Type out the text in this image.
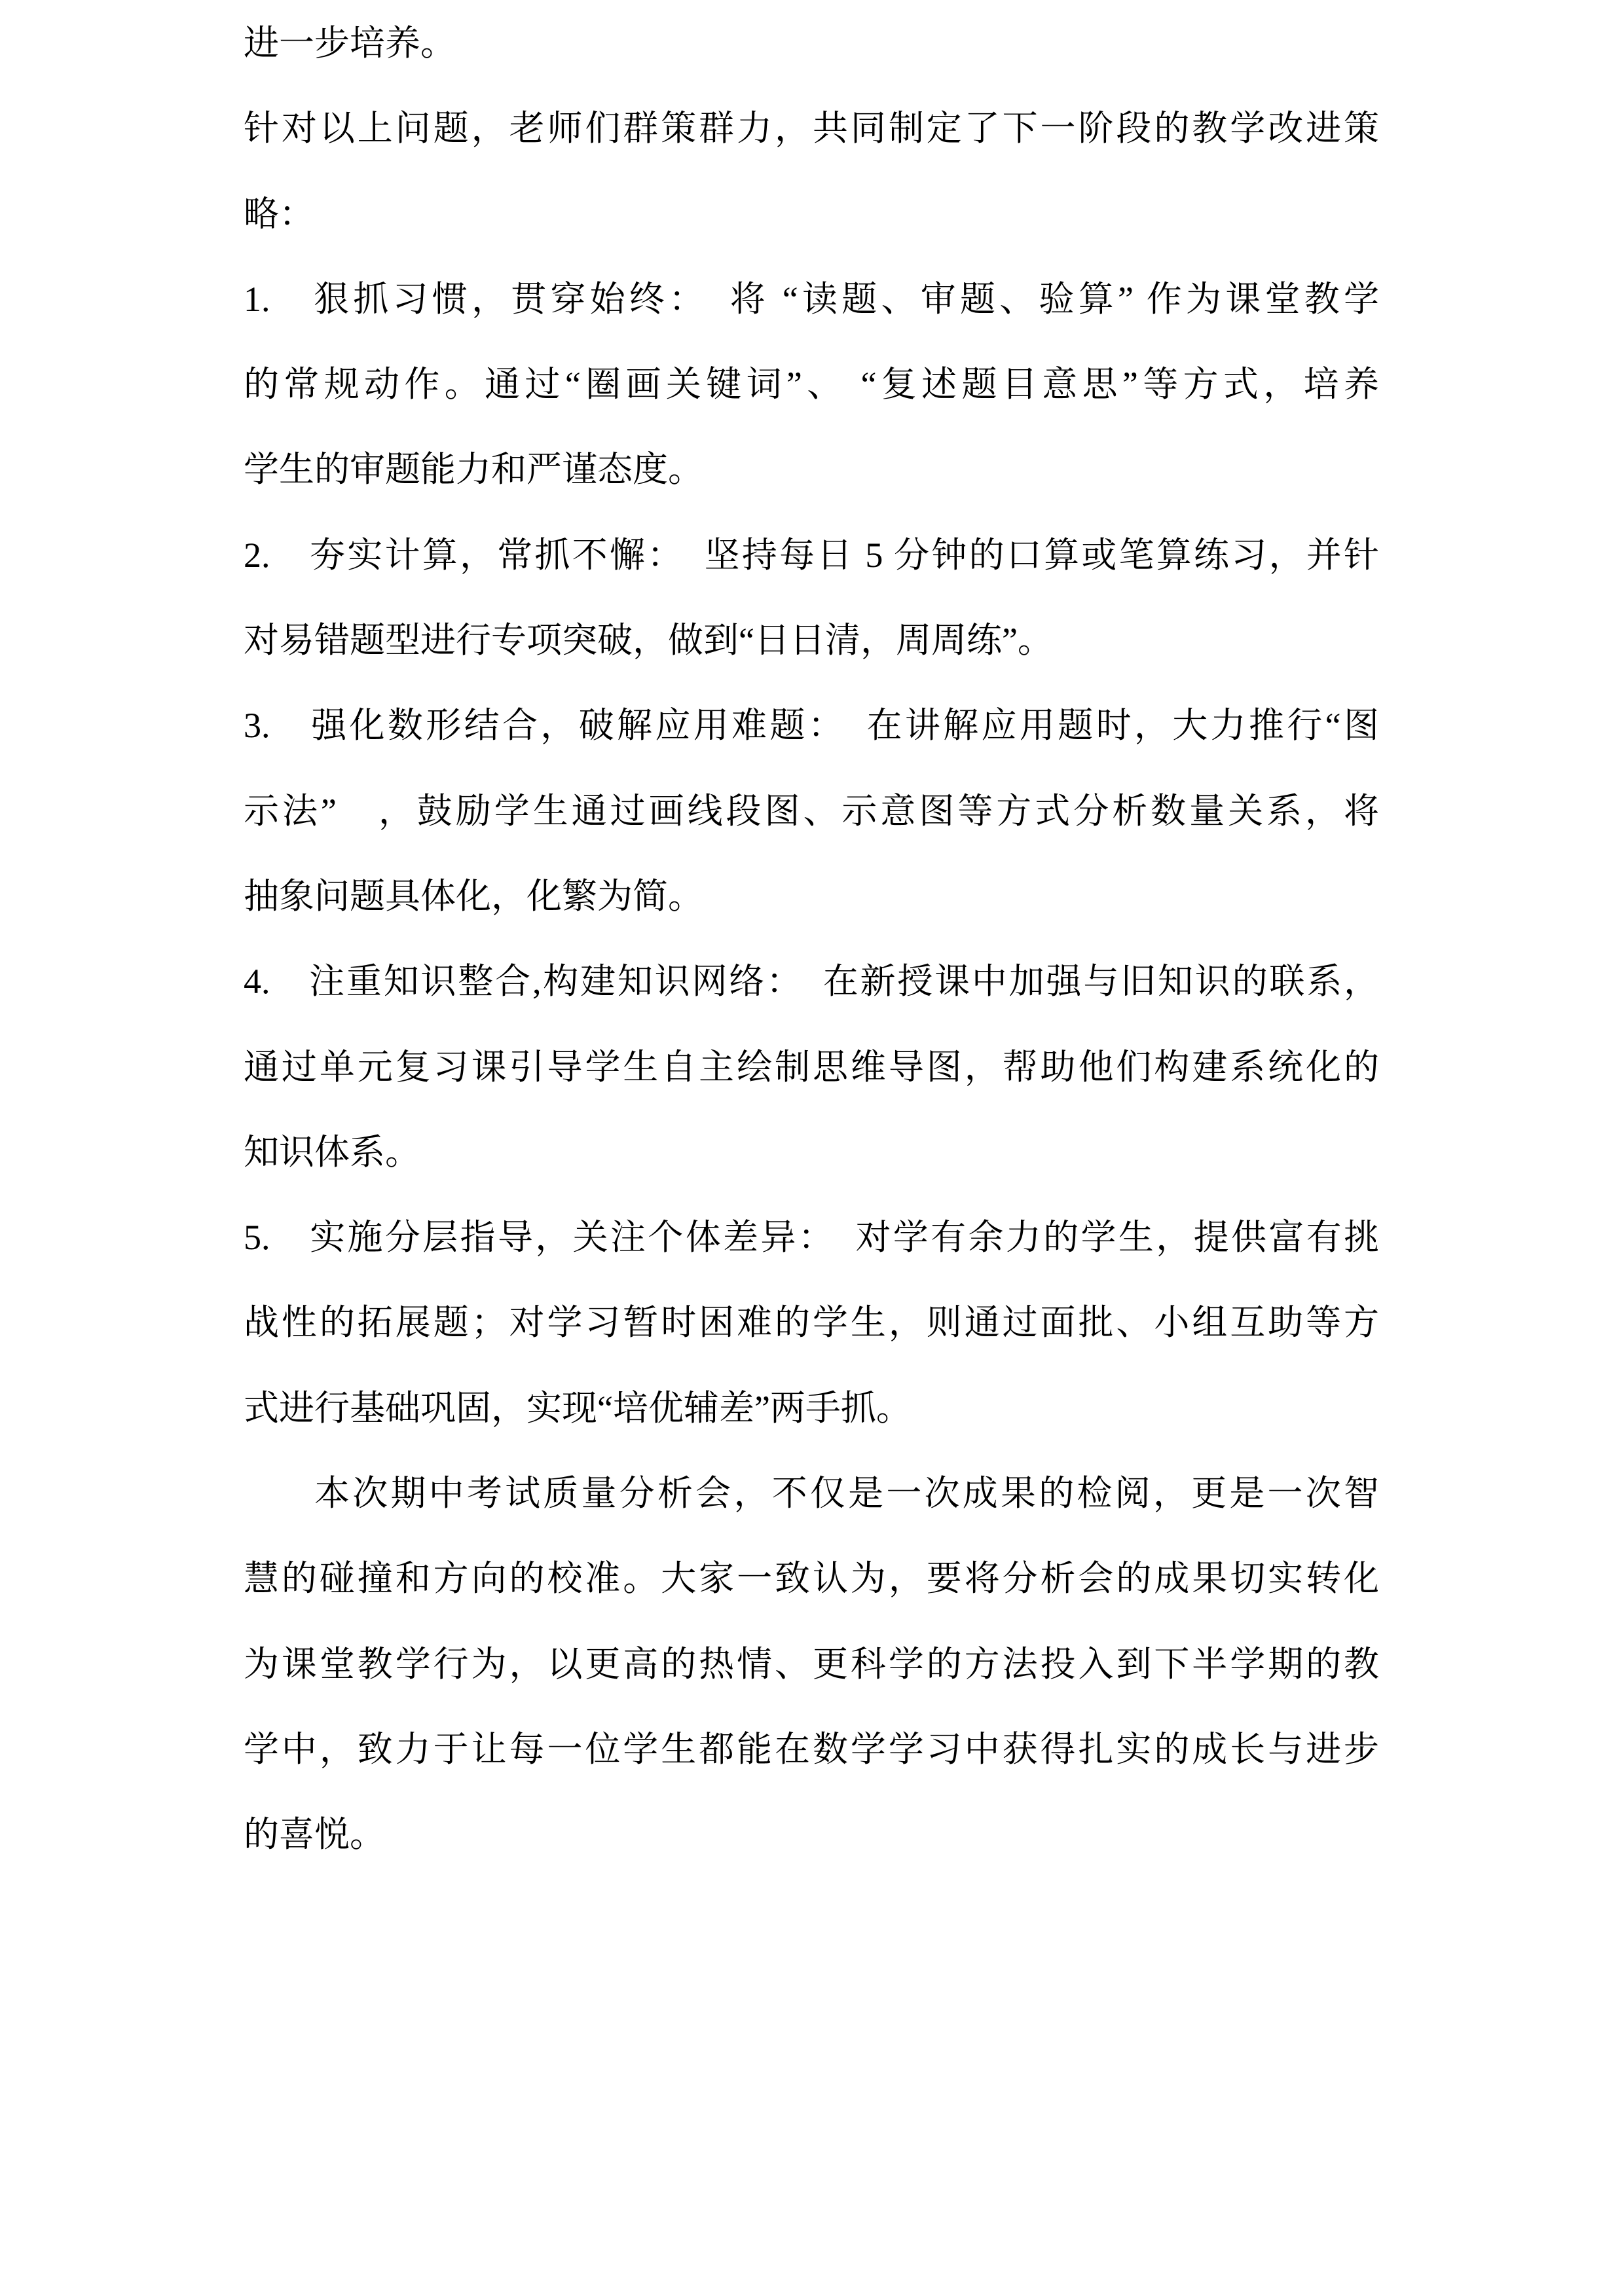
进一步培养。
针对以上问题，老师们群策群力，共同制定了下一阶段的教学改进策
略：
1.　狠抓习惯，贯穿始终：　将 “读题、审题、验算” 作为课堂教学
的常规动作。通过“圈画关键词”、 “复述题目意思”等方式，培养
学生的审题能力和严谨态度。
2.　夯实计算，常抓不懈：　坚持每日 5 分钟的口算或笔算练习，并针
对易错题型进行专项突破，做到“日日清，周周练”。
3.　强化数形结合，破解应用难题：　在讲解应用题时，大力推行“图
示法”　，鼓励学生通过画线段图、示意图等方式分析数量关系，将
抽象问题具体化，化繁为简。
4.　注重知识整合,构建知识网络：　在新授课中加强与旧知识的联系，
通过单元复习课引导学生自主绘制思维导图，帮助他们构建系统化的
知识体系。
5.　实施分层指导，关注个体差异：　对学有余力的学生，提供富有挑
战性的拓展题；对学习暂时困难的学生，则通过面批、小组互助等方
式进行基础巩固，实现“培优辅差”两手抓。
本次期中考试质量分析会，不仅是一次成果的检阅，更是一次智
慧的碰撞和方向的校准。大家一致认为，要将分析会的成果切实转化
为课堂教学行为，以更高的热情、更科学的方法投入到下半学期的教
学中，致力于让每一位学生都能在数学学习中获得扎实的成长与进步
的喜悦。
